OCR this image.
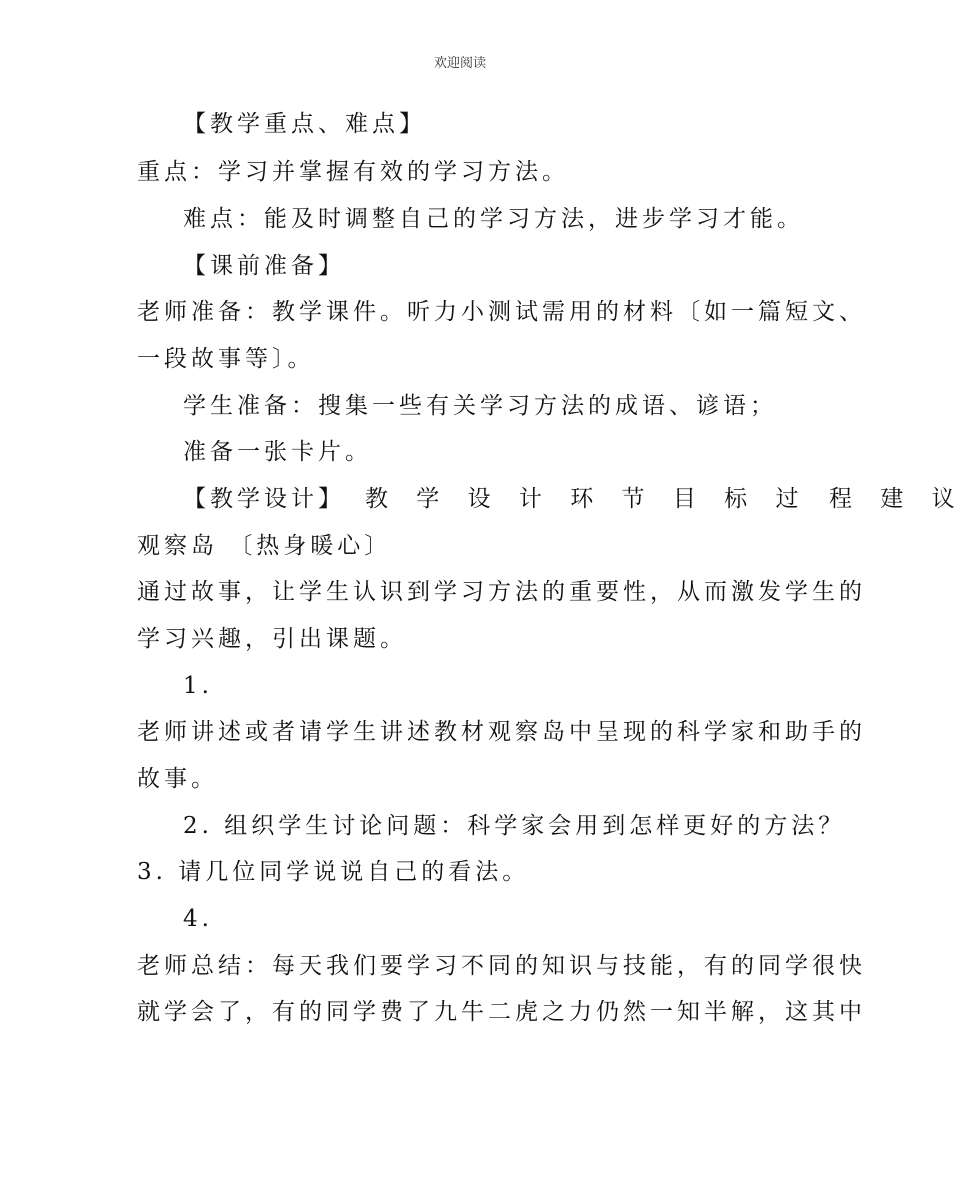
欢迎阅读
【教学重点、难点】
重点：学习并掌握有效的学习方法。
难点：能及时调整自己的学习方法，进步学习才能。
【课前准备】
老师准备：教学课件。听力小测试需用的材料〔如一篇短文、
一段故事等〕。
学生准备：搜集一些有关学习方法的成语、谚语；
准备一张卡片。
【教学设计】 教 学 设 计 环 节 目 标 过 程 建 议
观察岛 〔热身暖心〕
通过故事，让学生认识到学习方法的重要性，从而激发学生的
学习兴趣，引出课题。
1.
老师讲述或者请学生讲述教材观察岛中呈现的科学家和助手的
故事。
2. 组织学生讨论问题：科学家会用到怎样更好的方法？
3. 请几位同学说说自己的看法。
4.
老师总结：每天我们要学习不同的知识与技能，有的同学很快
就学会了，有的同学费了九牛二虎之力仍然一知半解，这其中
